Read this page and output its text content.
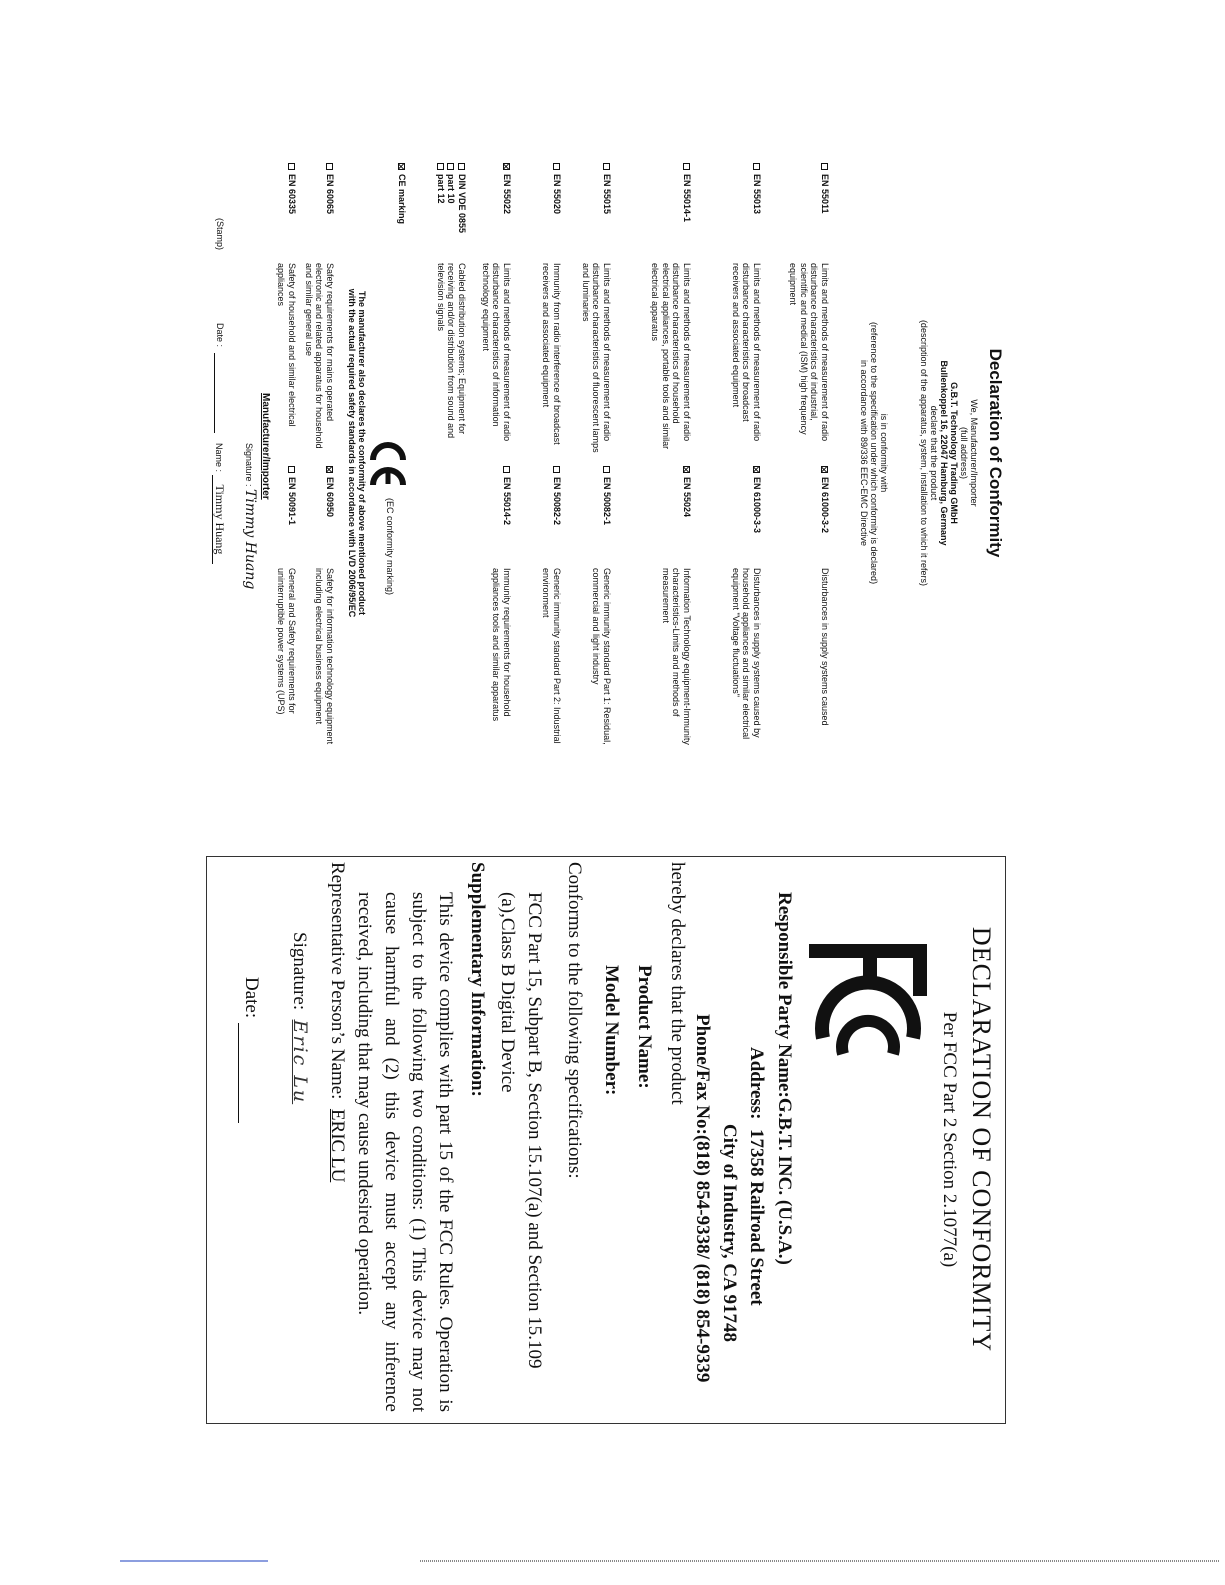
Declaration of Conformity
We, Manufacturer/Importer
(full address)
G.B.T. Technology Trading GMbH
Bullenkoppel 16, 22047 Hamburg, Germany
declare that the product
(description of the apparatus, system, installation to which it refers)
is in conformity with
(reference to the specification under which conformity is declared)
in accordance with 89/336 EEC-EMC Directive
EN 55011
Limits and methods of measurement of radio disturbance characteristics of industrial, scientific and medical (ISM) high frequency equipment
EN 61000-3-2
Disturbances in supply systems caused
EN 55013
Limits and methods of measurement of radio disturbance characteristics of broadcast receivers and associated equipment
EN 61000-3-3
Disturbances in supply systems caused by household appliances and similar electrical equipment "Voltage fluctuations"
EN 55014-1
Limits and methods of measurement of radio disturbance characteristics of household electrical appliances, portable tools and similar electrical apparatus
EN 55024
Information Technology equipment-Immunity characteristics-Limits and methods of measurement
EN 55015
Limits and methods of measurement of radio disturbance characteristics of fluorescent lamps and luminaries
EN 50082-1
Generic immunity standard Part 1: Residual, commercial and light industry
EN 55020
Immunity from radio interference of broadcast receivers and associated equipment
EN 50082-2
Generic immunity standard Part 2: Industrial environment
EN 55022
Limits and methods of measurement of radio disturbance characteristics of information technology equipment
EN 55014-2
Immunity requirements for household appliances tools and similar apparatus
DIN VDE 0855
part 10
part 12
Cabled distribution systems; Equipment for receiving and/or distribution from sound and television signals
CE marking
(EC conformity marking)
The manufacturer also declares the conformity of above mentioned product
with the actual required safety standards in accordance with LVD 2006/95/EC
EN 60065
Safety requirements for mains operated electronic and related apparatus for household and similar general use
EN 60950
Safety for information technology equipment including electrical business equipment
EN 60335
Safety of household and similar electrical appliances
EN 50091-1
General and Safety requirements for uninterruptible power systems (UPS)
Manufacturer/Importer
Signature : Timmy Huang
(Stamp)
Date :
Name : Timmy Huang
DECLARATION OF CONFORMITY
Per FCC Part 2 Section 2.1077(a)
Responsible Party Name:G.B.T. INC. (U.S.A.)
Address:  17358 Railroad Street
City of Industry, CA 91748
Phone/Fax No:(818) 854-9338/ (818) 854-9339
hereby declares that the product
Product Name:
Model Number:
Conforms to the following specifications:
FCC Part 15, Subpart B, Section 15.107(a) and Section 15.109
(a),Class B Digital Device
Supplementary Information:
This device complies with part 15 of the FCC Rules. Operation is subject to the following two conditions: (1) This device may not cause harmful and (2) this device must accept any inference received, including that may cause undesired operation.
Representative Person’s Name:  ERIC LU
Signature:  Eric Lu
Date:
